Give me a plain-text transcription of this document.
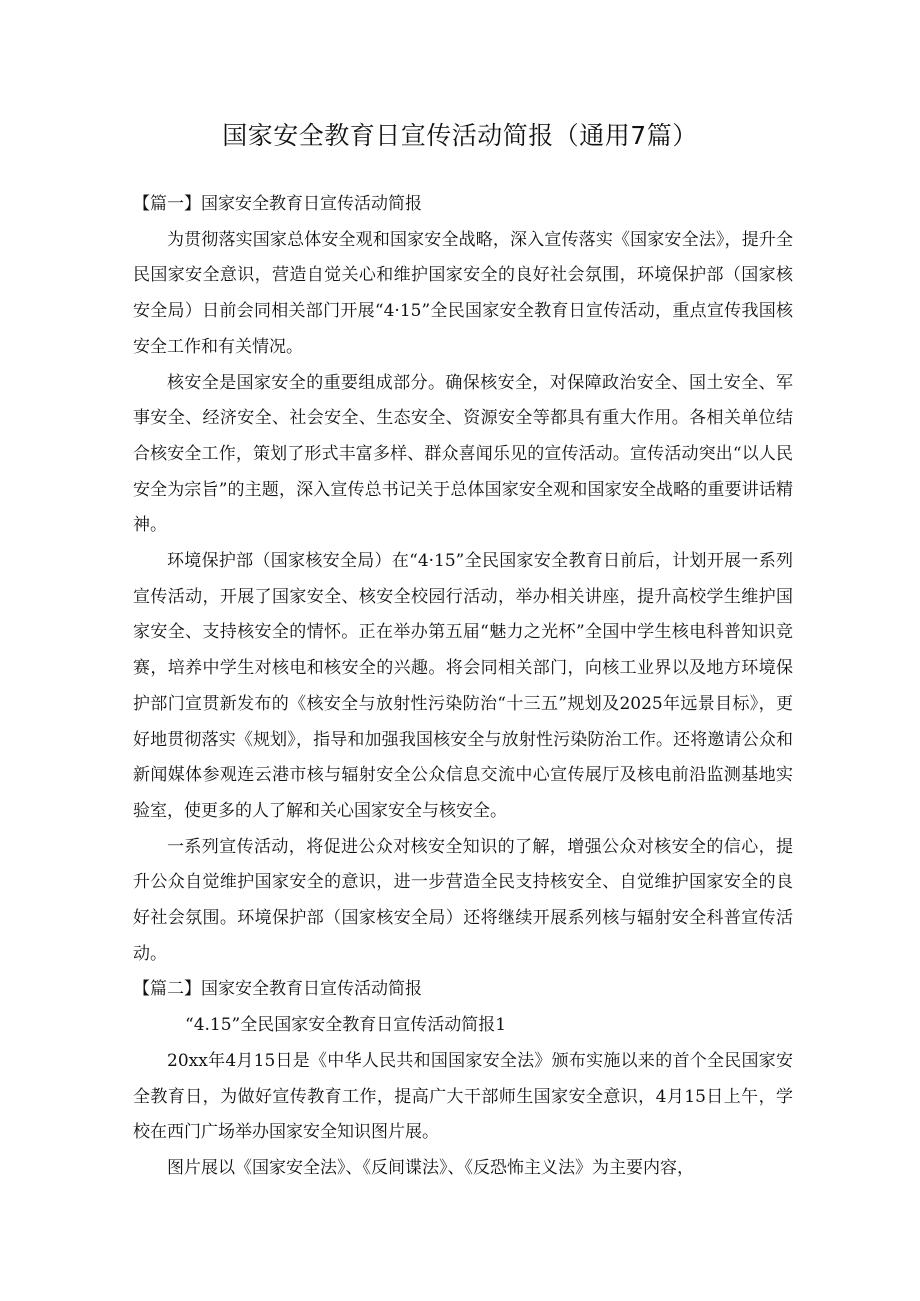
国家安全教育日宣传活动简报（通用7篇）

【篇一】国家安全教育日宣传活动简报

为贯彻落实国家总体安全观和国家安全战略，深入宣传落实《国家安全法》，提升全民国家安全意识，营造自觉关心和维护国家安全的良好社会氛围，环境保护部（国家核安全局）日前会同相关部门开展“4·15”全民国家安全教育日宣传活动，重点宣传我国核安全工作和有关情况。

核安全是国家安全的重要组成部分。确保核安全，对保障政治安全、国土安全、军事安全、经济安全、社会安全、生态安全、资源安全等都具有重大作用。各相关单位结合核安全工作，策划了形式丰富多样、群众喜闻乐见的宣传活动。宣传活动突出“以人民安全为宗旨”的主题，深入宣传总书记关于总体国家安全观和国家安全战略的重要讲话精神。

环境保护部（国家核安全局）在“4·15”全民国家安全教育日前后，计划开展一系列宣传活动，开展了国家安全、核安全校园行活动，举办相关讲座，提升高校学生维护国家安全、支持核安全的情怀。正在举办第五届“魅力之光杯”全国中学生核电科普知识竞赛，培养中学生对核电和核安全的兴趣。将会同相关部门，向核工业界以及地方环境保护部门宣贯新发布的《核安全与放射性污染防治“十三五”规划及2025年远景目标》，更好地贯彻落实《规划》，指导和加强我国核安全与放射性污染防治工作。还将邀请公众和新闻媒体参观连云港市核与辐射安全公众信息交流中心宣传展厅及核电前沿监测基地实验室，使更多的人了解和关心国家安全与核安全。

一系列宣传活动，将促进公众对核安全知识的了解，增强公众对核安全的信心，提升公众自觉维护国家安全的意识，进一步营造全民支持核安全、自觉维护国家安全的良好社会氛围。环境保护部（国家核安全局）还将继续开展系列核与辐射安全科普宣传活动。

【篇二】国家安全教育日宣传活动简报

“4.15”全民国家安全教育日宣传活动简报1

20xx年4月15日是《中华人民共和国国家安全法》颁布实施以来的首个全民国家安全教育日，为做好宣传教育工作，提高广大干部师生国家安全意识，4月15日上午，学校在西门广场举办国家安全知识图片展。

图片展以《国家安全法》、《反间谍法》、《反恐怖主义法》为主要内容，
